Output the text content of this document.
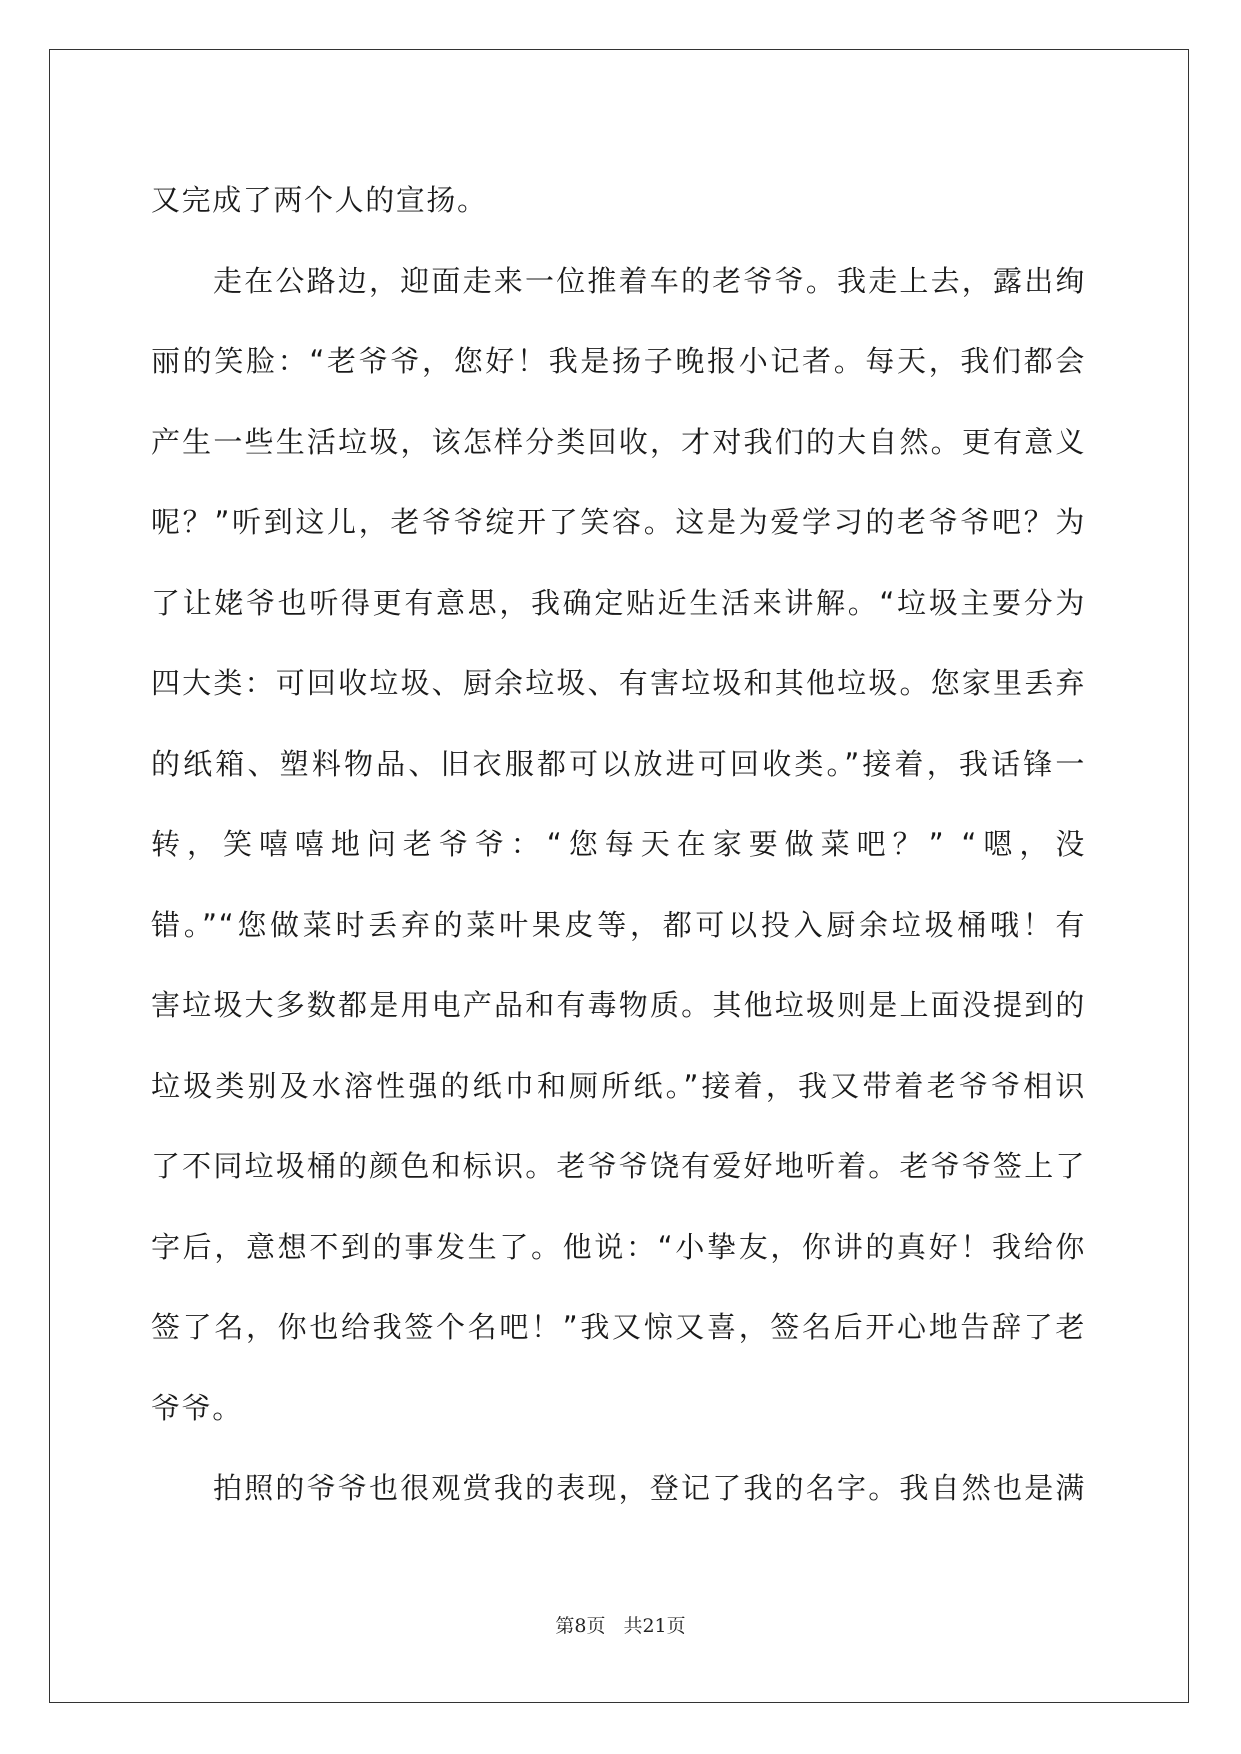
又完成了两个人的宣扬。
走在公路边，迎面走来一位推着车的老爷爷。我走上去，露出绚
丽的笑脸：“老爷爷，您好！我是扬子晚报小记者。每天，我们都会
产生一些生活垃圾，该怎样分类回收，才对我们的大自然。更有意义
呢？”听到这儿，老爷爷绽开了笑容。这是为爱学习的老爷爷吧？为
了让姥爷也听得更有意思，我确定贴近生活来讲解。“垃圾主要分为
四大类：可回收垃圾、厨余垃圾、有害垃圾和其他垃圾。您家里丢弃
的纸箱、塑料物品、旧衣服都可以放进可回收类。”接着，我话锋一
转，笑嘻嘻地问老爷爷：“您每天在家要做菜吧？” “嗯，没
错。”“您做菜时丢弃的菜叶果皮等，都可以投入厨余垃圾桶哦！有
害垃圾大多数都是用电产品和有毒物质。其他垃圾则是上面没提到的
垃圾类别及水溶性强的纸巾和厕所纸。”接着，我又带着老爷爷相识
了不同垃圾桶的颜色和标识。老爷爷饶有爱好地听着。老爷爷签上了
字后，意想不到的事发生了。他说：“小挚友，你讲的真好！我给你
签了名，你也给我签个名吧！”我又惊又喜，签名后开心地告辞了老
爷爷。
拍照的爷爷也很观赏我的表现，登记了我的名字。我自然也是满
第8页 共21页
